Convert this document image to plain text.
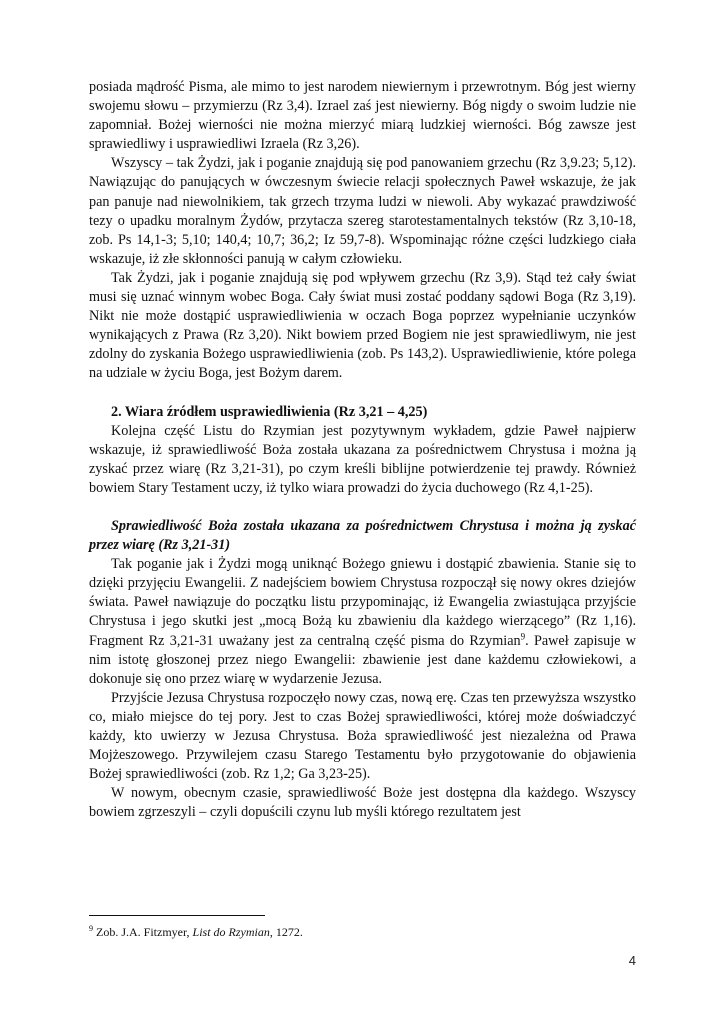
posiada mądrość Pisma, ale mimo to jest narodem niewiernym i przewrotnym. Bóg jest wierny swojemu słowu – przymierzu (Rz 3,4). Izrael zaś jest niewierny. Bóg nigdy o swoim ludzie nie zapomniał. Bożej wierności nie można mierzyć miarą ludzkiej wierności. Bóg zawsze jest sprawiedliwy i usprawiedliwi Izraela (Rz 3,26).

Wszyscy – tak Żydzi, jak i poganie znajdują się pod panowaniem grzechu (Rz 3,9.23; 5,12). Nawiązując do panujących w ówczesnym świecie relacji społecznych Paweł wskazuje, że jak pan panuje nad niewolnikiem, tak grzech trzyma ludzi w niewoli. Aby wykazać prawdziwość tezy o upadku moralnym Żydów, przytacza szereg starotestamentalnych tekstów (Rz 3,10-18, zob. Ps 14,1-3; 5,10; 140,4; 10,7; 36,2; Iz 59,7-8). Wspominając różne części ludzkiego ciała wskazuje, iż złe skłonności panują w całym człowieku.

Tak Żydzi, jak i poganie znajdują się pod wpływem grzechu (Rz 3,9). Stąd też cały świat musi się uznać winnym wobec Boga. Cały świat musi zostać poddany sądowi Boga (Rz 3,19). Nikt nie może dostąpić usprawiedliwienia w oczach Boga poprzez wypełnianie uczynków wynikających z Prawa (Rz 3,20). Nikt bowiem przed Bogiem nie jest sprawiedliwym, nie jest zdolny do zyskania Bożego usprawiedliwienia (zob. Ps 143,2). Usprawiedliwienie, które polega na udziale w życiu Boga, jest Bożym darem.

2. Wiara źródłem usprawiedliwienia (Rz 3,21 – 4,25)

Kolejna część Listu do Rzymian jest pozytywnym wykładem, gdzie Paweł najpierw wskazuje, iż sprawiedliwość Boża została ukazana za pośrednictwem Chrystusa i można ją zyskać przez wiarę (Rz 3,21-31), po czym kreśli biblijne potwierdzenie tej prawdy. Również bowiem Stary Testament uczy, iż tylko wiara prowadzi do życia duchowego (Rz 4,1-25).

Sprawiedliwość Boża została ukazana za pośrednictwem Chrystusa i można ją zyskać przez wiarę (Rz 3,21-31)

Tak poganie jak i Żydzi mogą uniknąć Bożego gniewu i dostąpić zbawienia. Stanie się to dzięki przyjęciu Ewangelii. Z nadejściem bowiem Chrystusa rozpoczął się nowy okres dziejów świata. Paweł nawiązuje do początku listu przypominając, iż Ewangelia zwiastująca przyjście Chrystusa i jego skutki jest „mocą Bożą ku zbawieniu dla każdego wierzącego” (Rz 1,16). Fragment Rz 3,21-31 uważany jest za centralną część pisma do Rzymian$^9$. Paweł zapisuje w nim istotę głoszonej przez niego Ewangelii: zbawienie jest dane każdemu człowiekowi, a dokonuje się ono przez wiarę w wydarzenie Jezusa.

Przyjście Jezusa Chrystusa rozpoczęło nowy czas, nową erę. Czas ten przewyższa wszystko co, miało miejsce do tej pory. Jest to czas Bożej sprawiedliwości, której może doświadczyć każdy, kto uwierzy w Jezusa Chrystusa. Boża sprawiedliwość jest niezależna od Prawa Mojżeszowego. Przywilejem czasu Starego Testamentu było przygotowanie do objawienia Bożej sprawiedliwości (zob. Rz 1,2; Ga 3,23-25).

W nowym, obecnym czasie, sprawiedliwość Boże jest dostępna dla każdego. Wszyscy bowiem zgrzeszyli – czyli dopuścili czynu lub myśli którego rezultatem jest

$^9$ Zob. J.A. Fitzmyer, List do Rzymian, 1272.

4
